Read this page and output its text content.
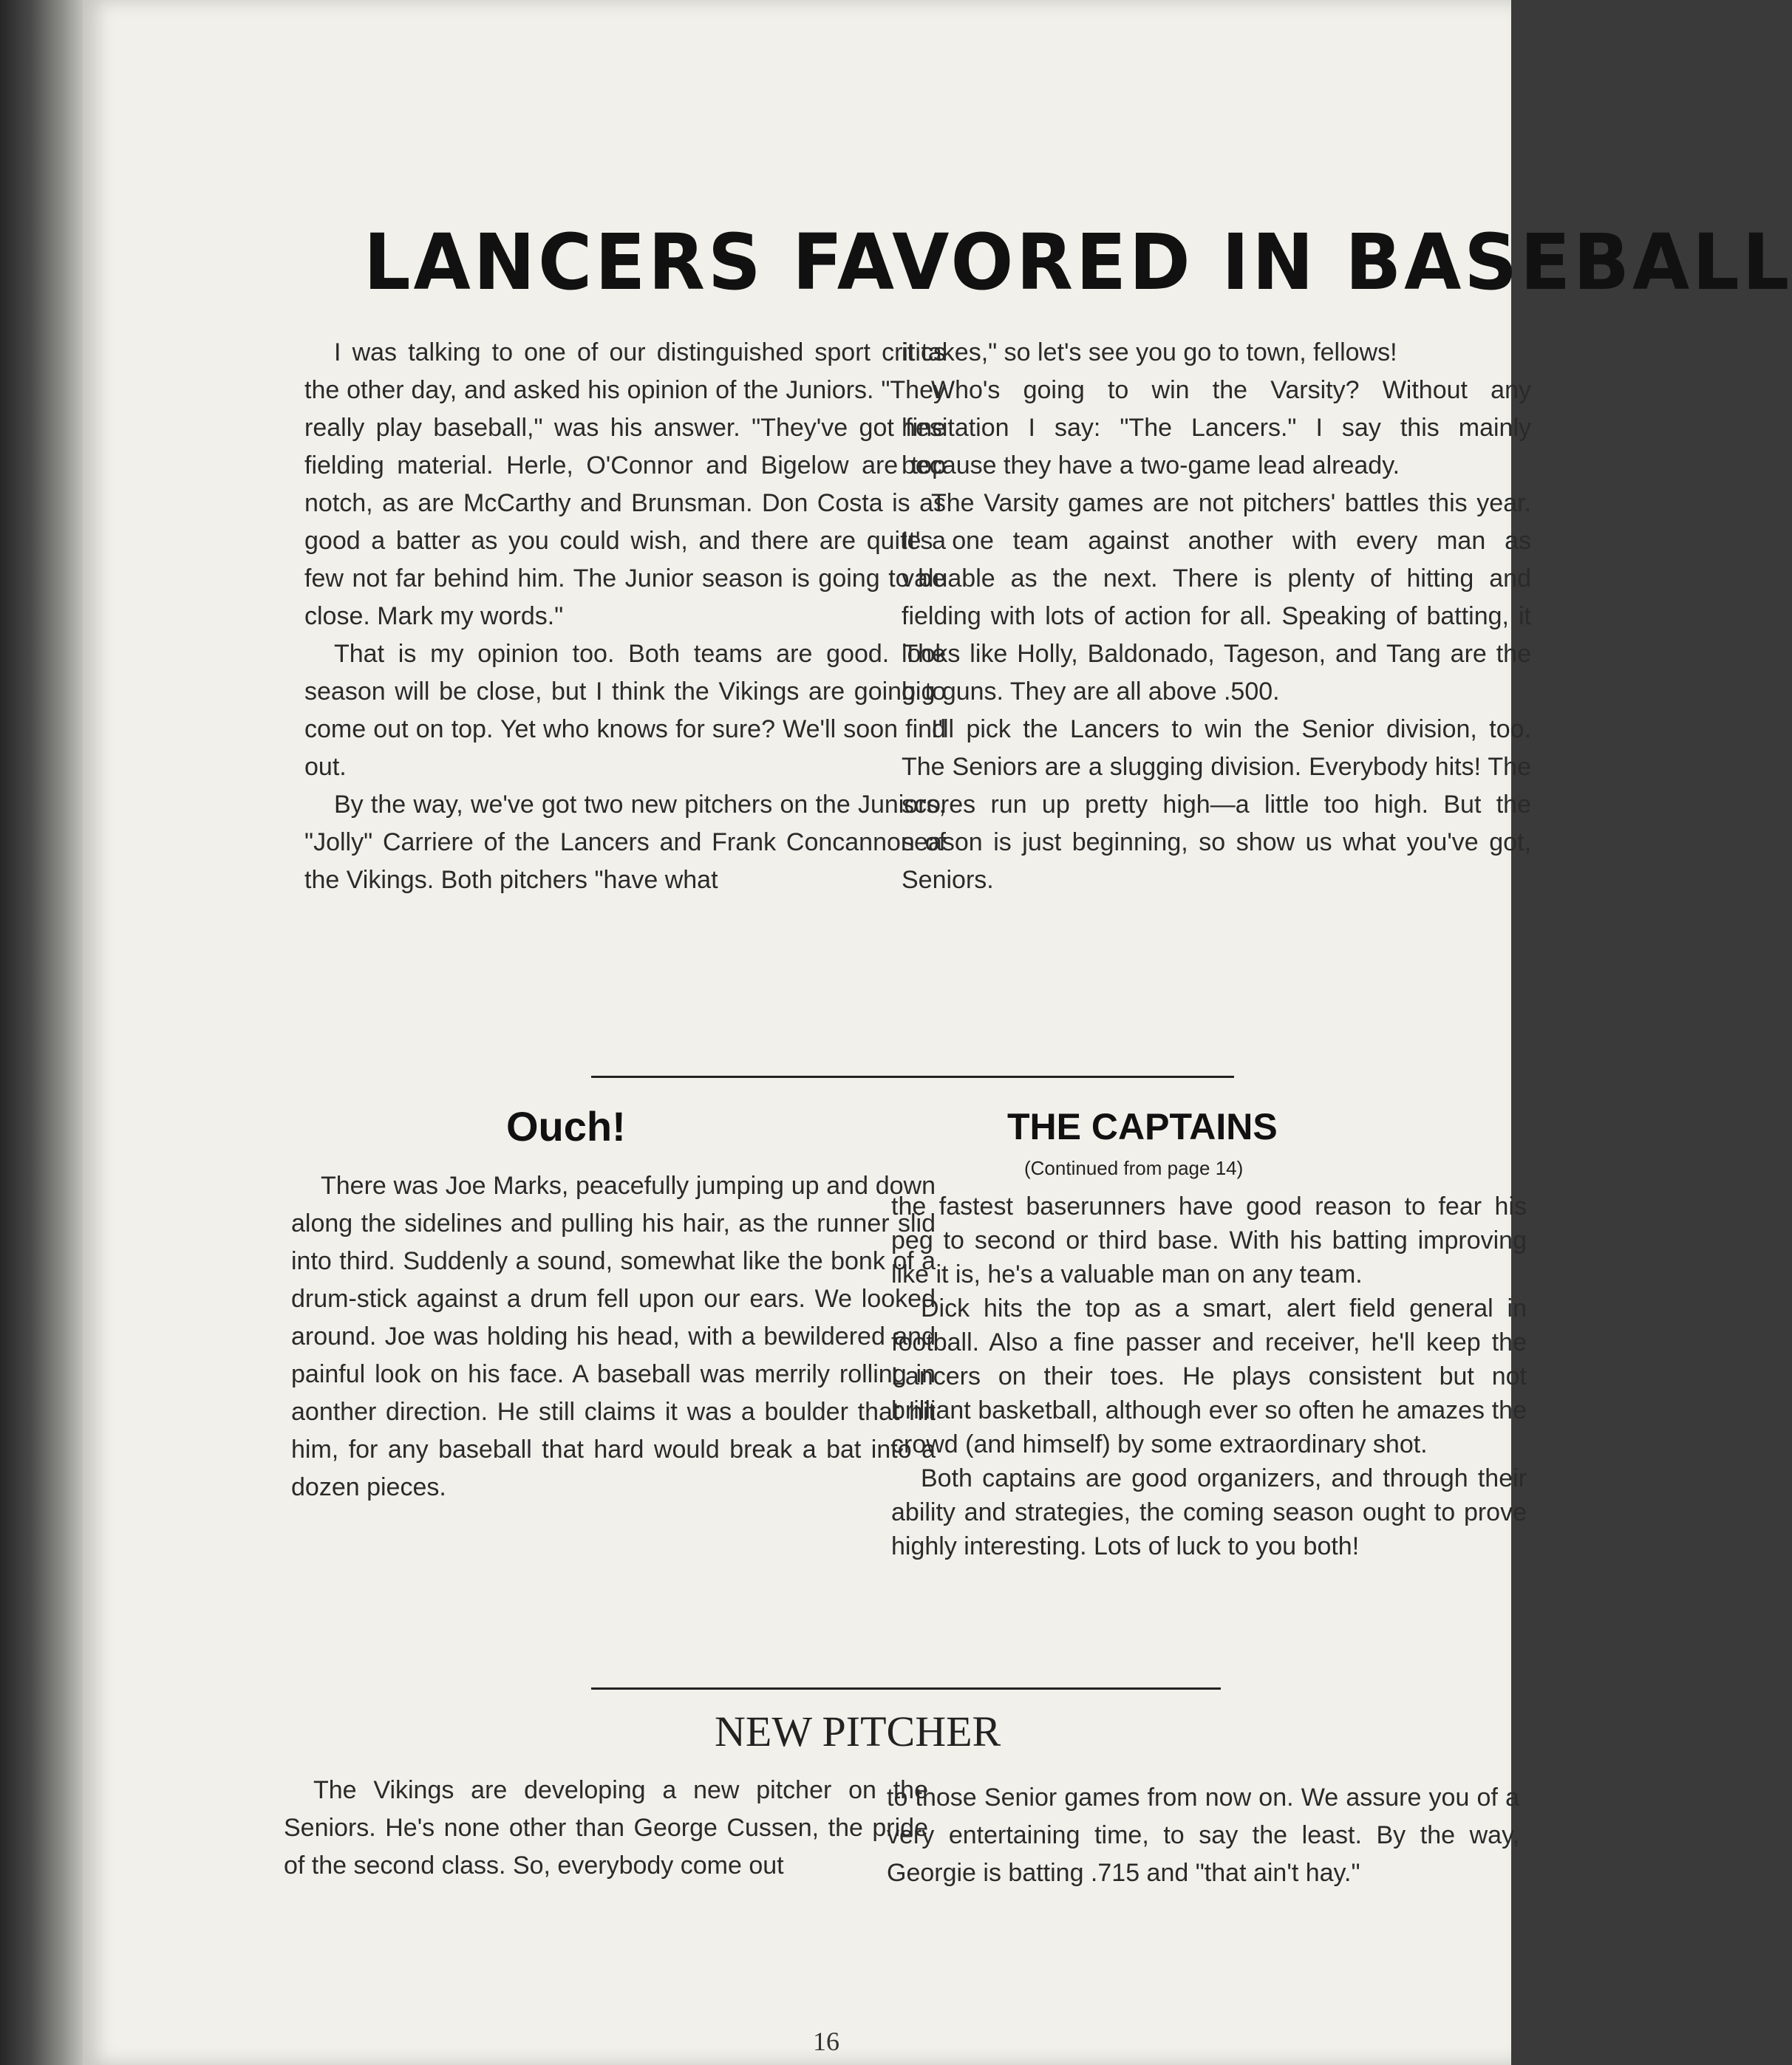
LANCERS FAVORED IN BASEBALL

I was talking to one of our distinguished sport critics the other day, and asked his opinion of the Juniors. "They really play baseball," was his answer. "They've got fine fielding material. Herle, O'Connor and Bigelow are top notch, as are McCarthy and Brunsman. Don Costa is as good a batter as you could wish, and there are quite a few not far behind him. The Junior season is going to be close. Mark my words."

That is my opinion too. Both teams are good. The season will be close, but I think the Vikings are going to come out on top. Yet who knows for sure? We'll soon find out.

By the way, we've got two new pitchers on the Juniors, "Jolly" Carriere of the Lancers and Frank Concannon of the Vikings. Both pitchers "have what

it takes," so let's see you go to town, fellows!

Who's going to win the Varsity? Without any hesitation I say: "The Lancers." I say this mainly because they have a two-game lead already.

The Varsity games are not pitchers' battles this year. It's one team against another with every man as valuable as the next. There is plenty of hitting and fielding with lots of action for all. Speaking of batting, it looks like Holly, Baldonado, Tageson, and Tang are the big guns. They are all above .500.

I'll pick the Lancers to win the Senior division, too. The Seniors are a slugging division. Everybody hits! The scores run up pretty high—a little too high. But the season is just beginning, so show us what you've got, Seniors.

Ouch!

There was Joe Marks, peacefully jumping up and down along the sidelines and pulling his hair, as the runner slid into third. Suddenly a sound, somewhat like the bonk of a drum-stick against a drum fell upon our ears. We looked around. Joe was holding his head, with a bewildered and painful look on his face. A baseball was merrily rolling in aonther direction. He still claims it was a boulder that hit him, for any baseball that hard would break a bat into a dozen pieces.

THE CAPTAINS

(Continued from page 14)

the fastest baserunners have good reason to fear his peg to second or third base. With his batting improving like it is, he's a valuable man on any team.

Dick hits the top as a smart, alert field general in football. Also a fine passer and receiver, he'll keep the Lancers on their toes. He plays consistent but not brilliant basketball, although ever so often he amazes the crowd (and himself) by some extraordinary shot.

Both captains are good organizers, and through their ability and strategies, the coming season ought to prove highly interesting. Lots of luck to you both!

NEW PITCHER

The Vikings are developing a new pitcher on the Seniors. He's none other than George Cussen, the pride of the second class. So, everybody come out

to those Senior games from now on. We assure you of a very entertaining time, to say the least. By the way, Georgie is batting .715 and "that ain't hay."

16
